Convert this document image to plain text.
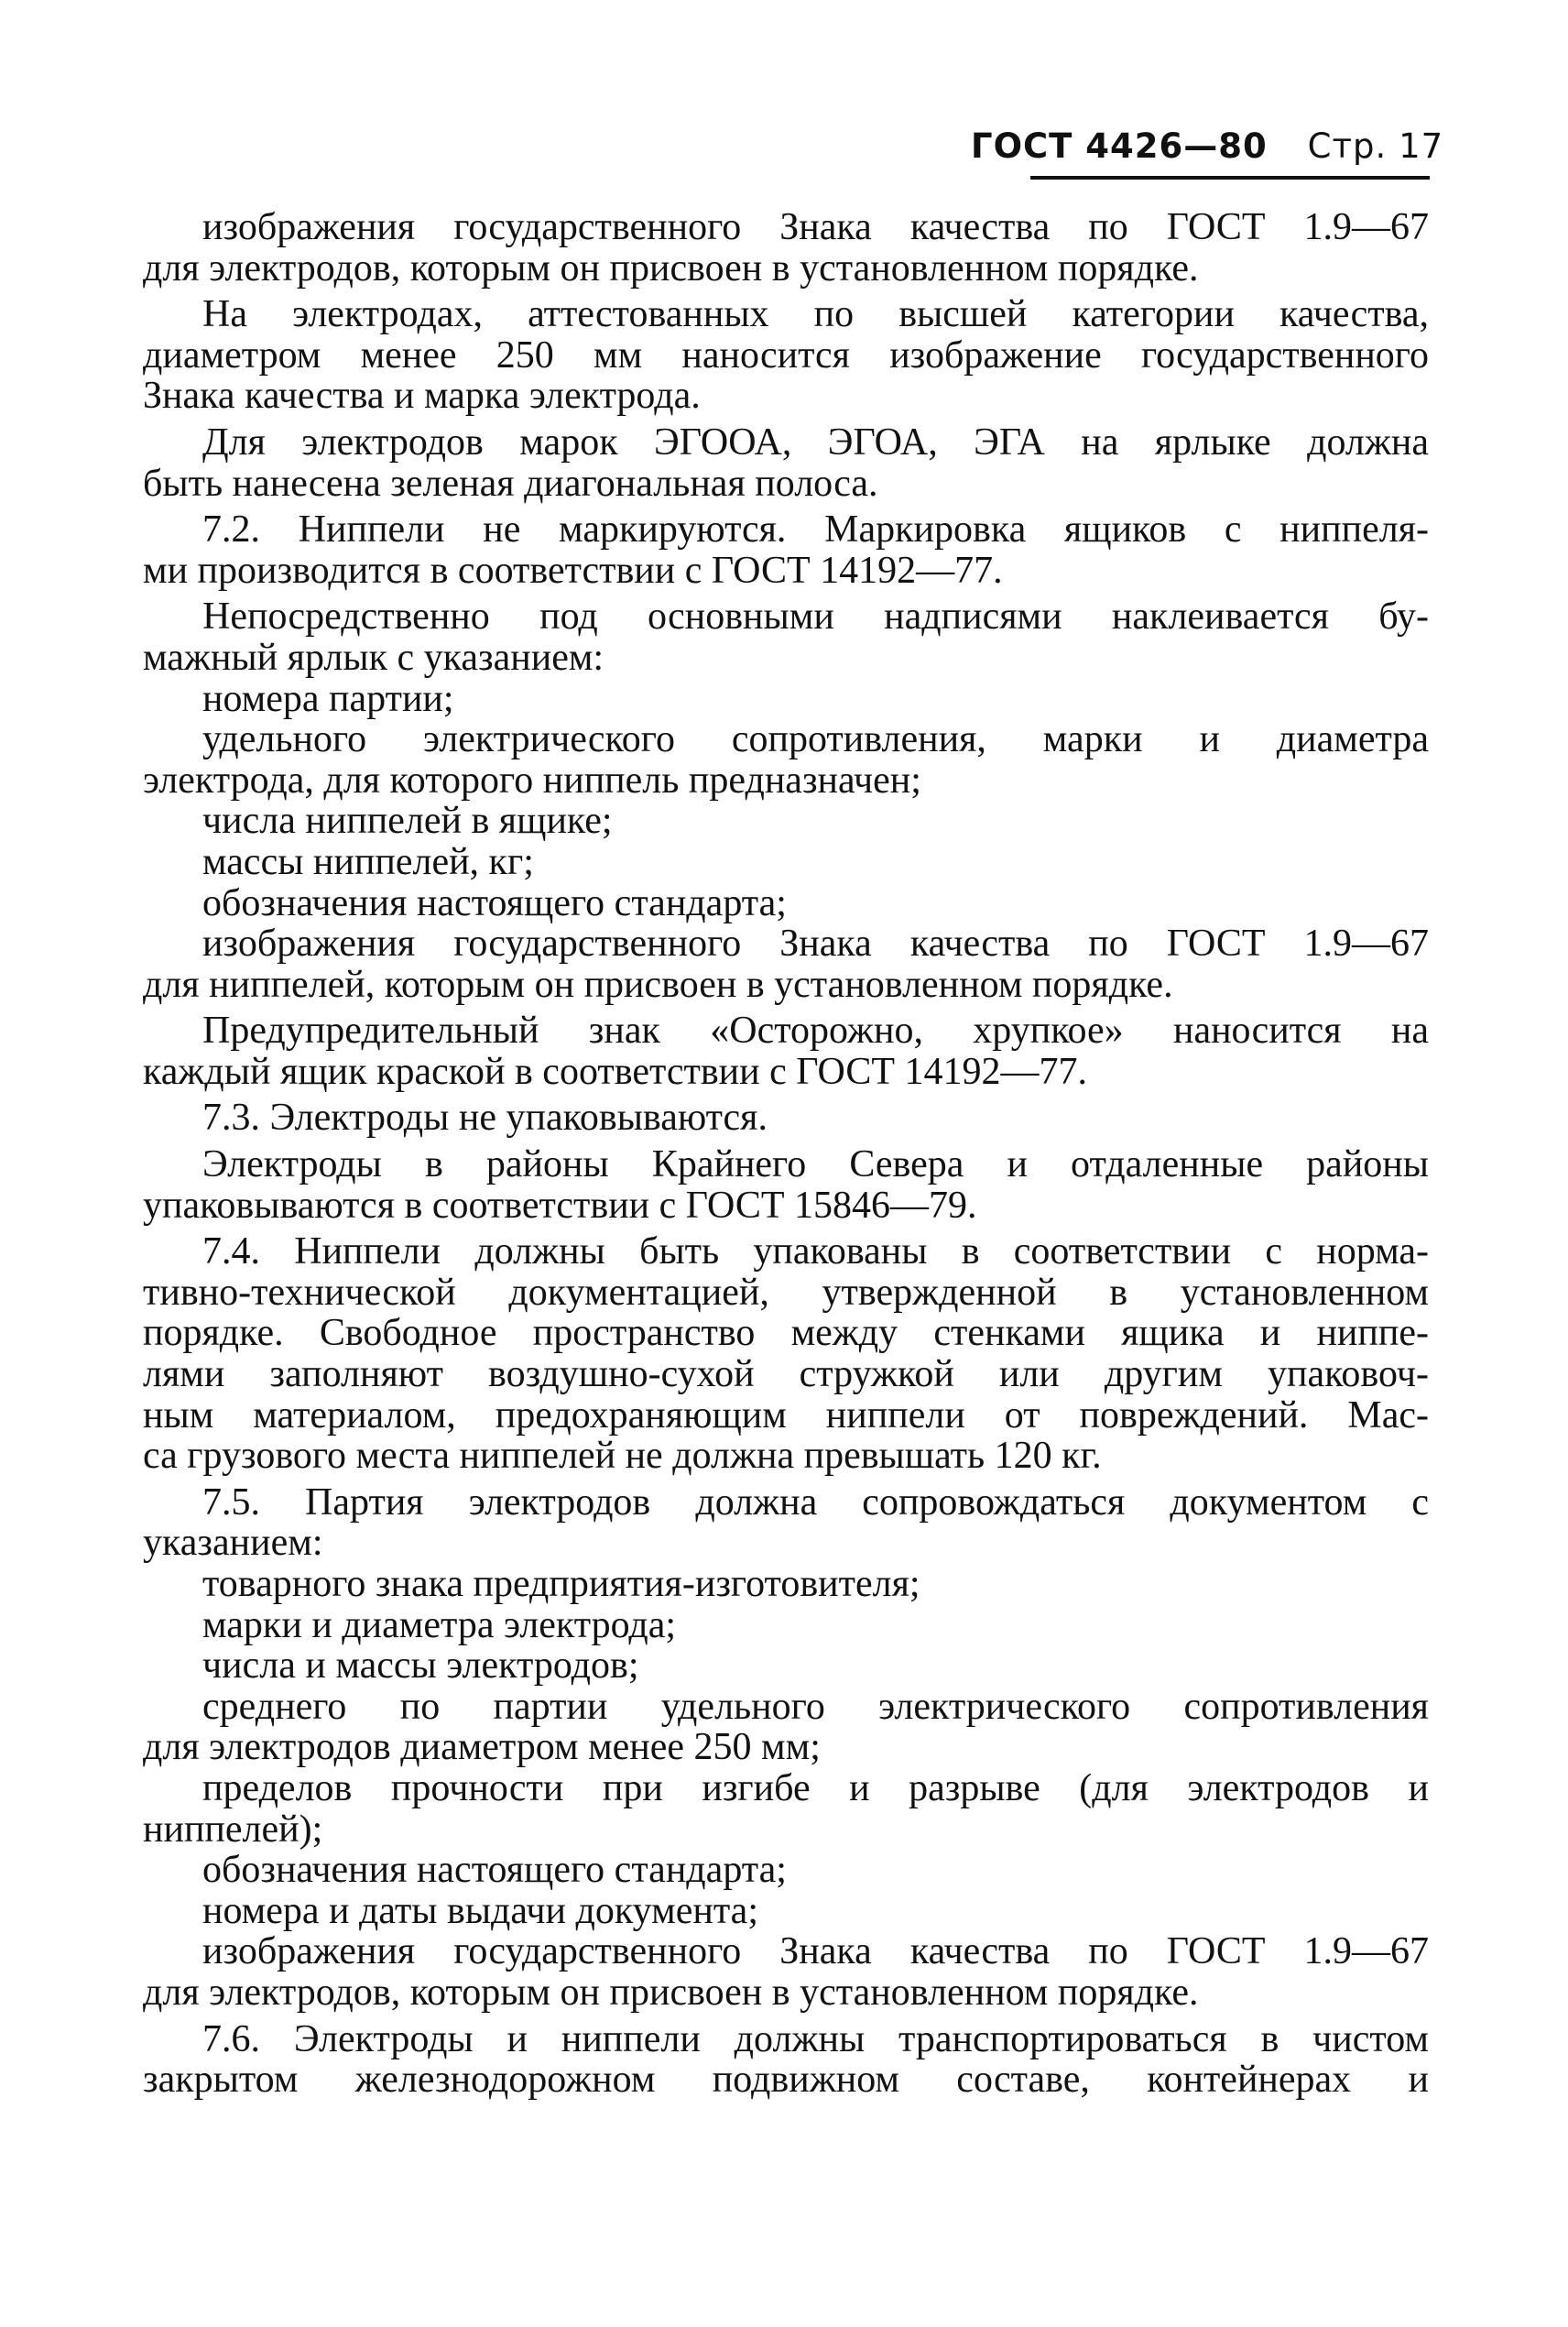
ГОСТ 4426—80 Стр. 17
изображения государственного Знака качества по ГОСТ 1.9—67
для электродов, которым он присвоен в установленном порядке.
На электродах, аттестованных по высшей категории качества,
диаметром менее 250 мм наносится изображение государственного
Знака качества и марка электрода.
Для электродов марок ЭГООА, ЭГОА, ЭГА на ярлыке должна
быть нанесена зеленая диагональная полоса.
7.2. Ниппели не маркируются. Маркировка ящиков с ниппеля-
ми производится в соответствии с ГОСТ 14192—77.
Непосредственно под основными надписями наклеивается бу-
мажный ярлык с указанием:
номера партии;
удельного электрического сопротивления, марки и диаметра
электрода, для которого ниппель предназначен;
числа ниппелей в ящике;
массы ниппелей, кг;
обозначения настоящего стандарта;
изображения государственного Знака качества по ГОСТ 1.9—67
для ниппелей, которым он присвоен в установленном порядке.
Предупредительный знак «Осторожно, хрупкое» наносится на
каждый ящик краской в соответствии с ГОСТ 14192—77.
7.3. Электроды не упаковываются.
Электроды в районы Крайнего Севера и отдаленные районы
упаковываются в соответствии с ГОСТ 15846—79.
7.4. Ниппели должны быть упакованы в соответствии с норма-
тивно-технической документацией, утвержденной в установленном
порядке. Свободное пространство между стенками ящика и ниппе-
лями заполняют воздушно-сухой стружкой или другим упаковоч-
ным материалом, предохраняющим ниппели от повреждений. Мас-
са грузового места ниппелей не должна превышать 120 кг.
7.5. Партия электродов должна сопровождаться документом с
указанием:
товарного знака предприятия-изготовителя;
марки и диаметра электрода;
числа и массы электродов;
среднего по партии удельного электрического сопротивления
для электродов диаметром менее 250 мм;
пределов прочности при изгибе и разрыве (для электродов и
ниппелей);
обозначения настоящего стандарта;
номера и даты выдачи документа;
изображения государственного Знака качества по ГОСТ 1.9—67
для электродов, которым он присвоен в установленном порядке.
7.6. Электроды и ниппели должны транспортироваться в чистом
закрытом железнодорожном подвижном составе, контейнерах и
